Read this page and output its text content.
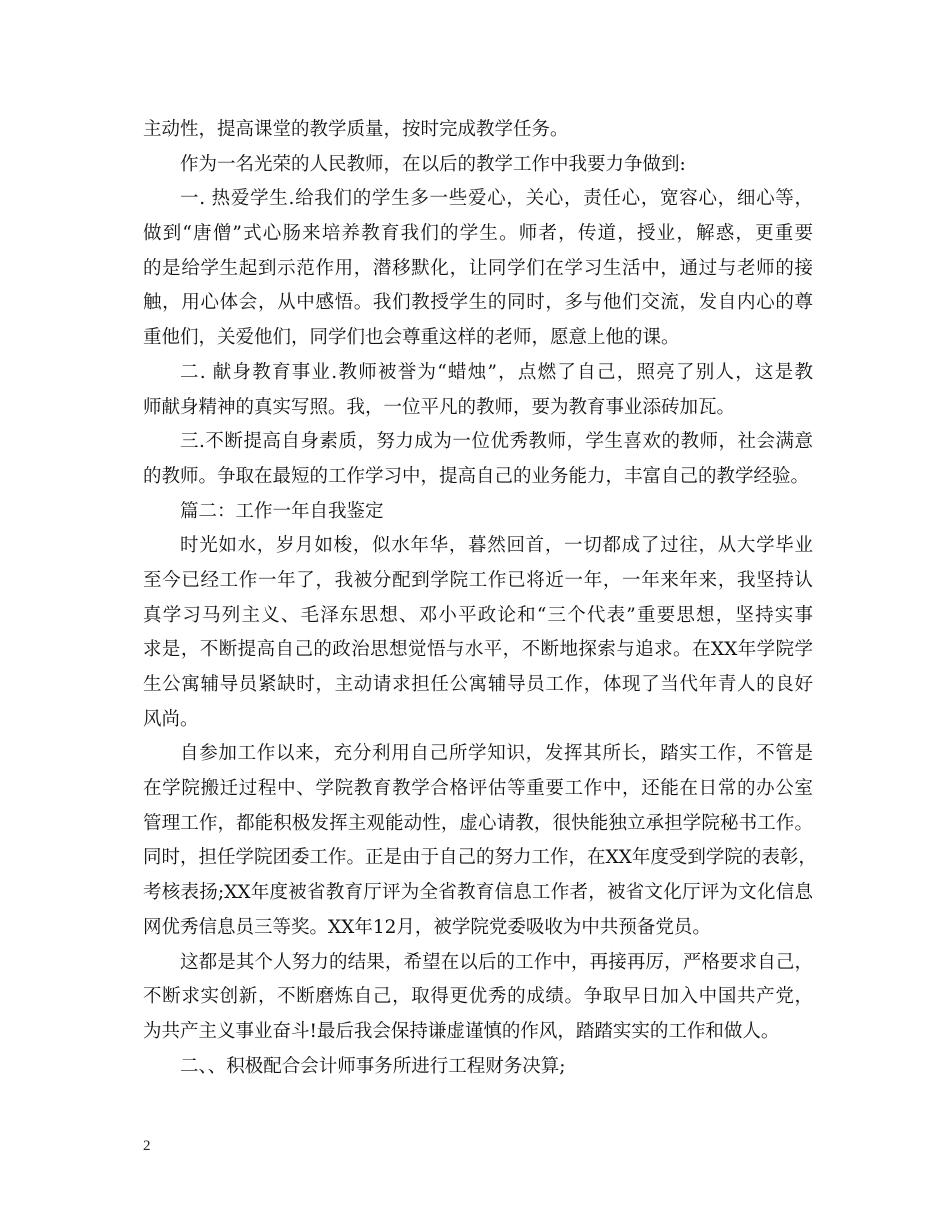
主动性，提高课堂的教学质量，按时完成教学任务。
作为一名光荣的人民教师，在以后的教学工作中我要力争做到:
一. 热爱学生.给我们的学生多一些爱心，关心，责任心，宽容心，细心等，
做到“唐僧”式心肠来培养教育我们的学生。师者，传道，授业，解惑，更重要
的是给学生起到示范作用，潜移默化，让同学们在学习生活中，通过与老师的接
触，用心体会，从中感悟。我们教授学生的同时，多与他们交流，发自内心的尊
重他们，关爱他们，同学们也会尊重这样的老师，愿意上他的课。
二. 献身教育事业.教师被誉为“蜡烛”，点燃了自己，照亮了别人，这是教
师献身精神的真实写照。我，一位平凡的教师，要为教育事业添砖加瓦。
三.不断提高自身素质，努力成为一位优秀教师，学生喜欢的教师，社会满意
的教师。争取在最短的工作学习中，提高自己的业务能力，丰富自己的教学经验。
篇二：工作一年自我鉴定
时光如水，岁月如梭，似水年华，暮然回首，一切都成了过往，从大学毕业
至今已经工作一年了，我被分配到学院工作已将近一年，一年来年来，我坚持认
真学习马列主义、毛泽东思想、邓小平政论和“三个代表”重要思想，坚持实事
求是，不断提高自己的政治思想觉悟与水平，不断地探索与追求。在XX年学院学
生公寓辅导员紧缺时，主动请求担任公寓辅导员工作，体现了当代年青人的良好
风尚。
自参加工作以来，充分利用自己所学知识，发挥其所长，踏实工作，不管是
在学院搬迁过程中、学院教育教学合格评估等重要工作中，还能在日常的办公室
管理工作，都能积极发挥主观能动性，虚心请教，很快能独立承担学院秘书工作。
同时，担任学院团委工作。正是由于自己的努力工作，在XX年度受到学院的表彰，
考核表扬;XX年度被省教育厅评为全省教育信息工作者，被省文化厅评为文化信息
网优秀信息员三等奖。XX年12月，被学院党委吸收为中共预备党员。
这都是其个人努力的结果，希望在以后的工作中，再接再厉，严格要求自己，
不断求实创新，不断磨炼自己，取得更优秀的成绩。争取早日加入中国共产党，
为共产主义事业奋斗!最后我会保持谦虚谨慎的作风，踏踏实实的工作和做人。
二、、积极配合会计师事务所进行工程财务决算;
2
